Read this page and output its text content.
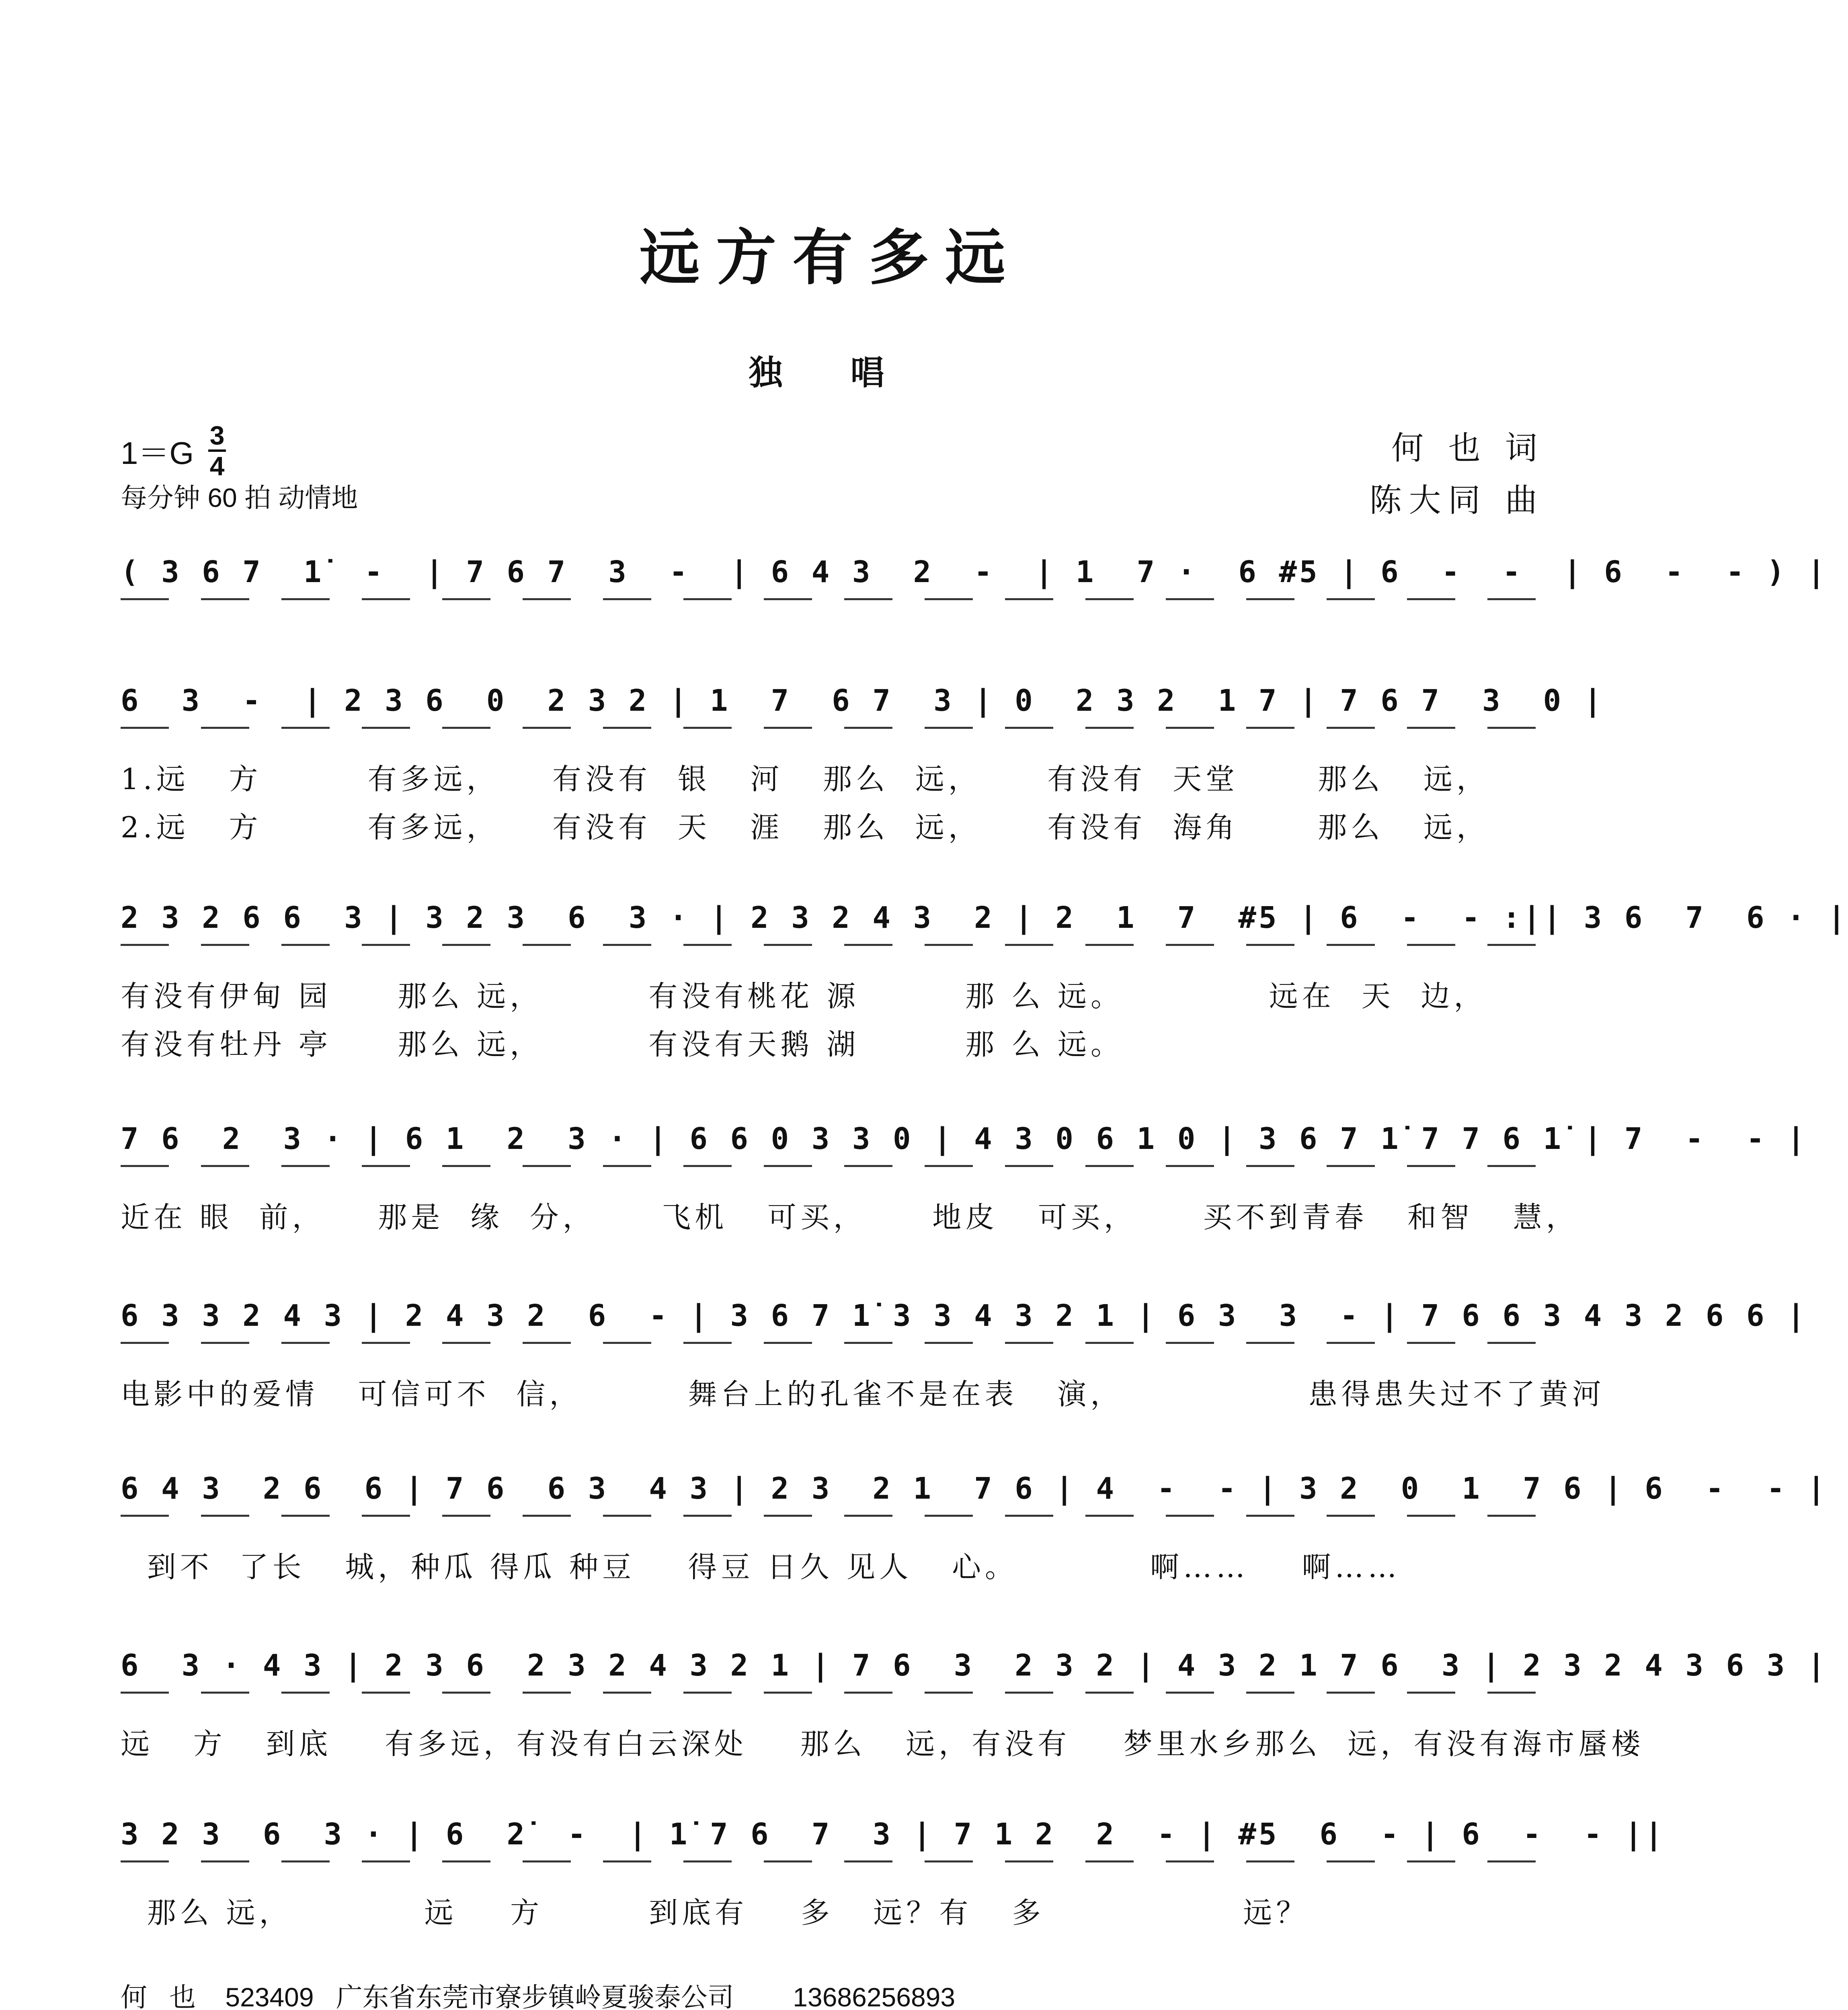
远方有多远
独 唱
1＝G 3
4
每分钟 60 拍 动情地
何 也 词
陈大同 曲
( 3 6 7  1̇  -  | 7 6 7  3  -  | 6 4 3  2  -  | 1  7 ·  6 #5 | 6  -  -  | 6  -  - ) |
6  3  -  | 2 3 6  0  2 3 2 | 1  7  6 7  3 | 0  2 3 2  1 7 | 7 6 7  3  0 |
1.远   方        有多远，    有没有  银   河   那么  远，     有没有  天堂      那么   远，
2.远   方        有多远，    有没有  天   涯   那么  远，     有没有  海角      那么   远，
2 3 2 6 6  3 | 3 2 3  6  3 · | 2 3 2 4 3  2 | 2  1  7  #5 | 6  -  - :|| 3 6  7  6 · |
有没有伊甸 园     那么 远，        有没有桃花 源        那 么 远。           远在  天  边，
有没有牡丹 亭     那么 远，        有没有天鹅 湖        那 么 远。
7 6  2  3 · | 6 1  2  3 · | 6 6 0 3 3 0 | 4 3 0 6 1 0 | 3 6 7 1̇ 7 7 6 1̇ | 7  -  - |
近在 眼  前，    那是  缘  分，     飞机   可买，     地皮   可买，     买不到青春   和智   慧，
6 3 3 2 4 3 | 2 4 3 2  6  - | 3 6 7 1̇ 3 3 4 3 2 1 | 6 3  3  - | 7 6 6 3 4 3 2 6 6 |
电影中的爱情   可信可不  信，        舞台上的孔雀不是在表   演，              患得患失过不了黄河
6 4 3  2 6  6 | 7 6  6 3  4 3 | 2 3  2 1  7 6 | 4  -  - | 3 2  0  1  7 6 | 6  -  - |
到不  了长   城，种瓜 得瓜 种豆    得豆 日久 见人   心。          啊……    啊……
6  3 · 4 3 | 2 3 6  2 3 2 4 3 2 1 | 7 6  3  2 3 2 | 4 3 2 1 7 6  3 | 2 3 2 4 3 6 3 |
远   方   到底    有多远，有没有白云深处    那么   远，有没有    梦里水乡那么  远，有没有海市蜃楼
3 2 3  6  3 · | 6  2̇  -  | 1̇ 7 6  7  3 | 7 1 2  2  - | #5  6  - | 6  -  - ||
那么 远，          远    方        到底有    多   远？有   多               远？
何   也    523409   广东省东莞市寮步镇岭夏骏泰公司        13686256893
